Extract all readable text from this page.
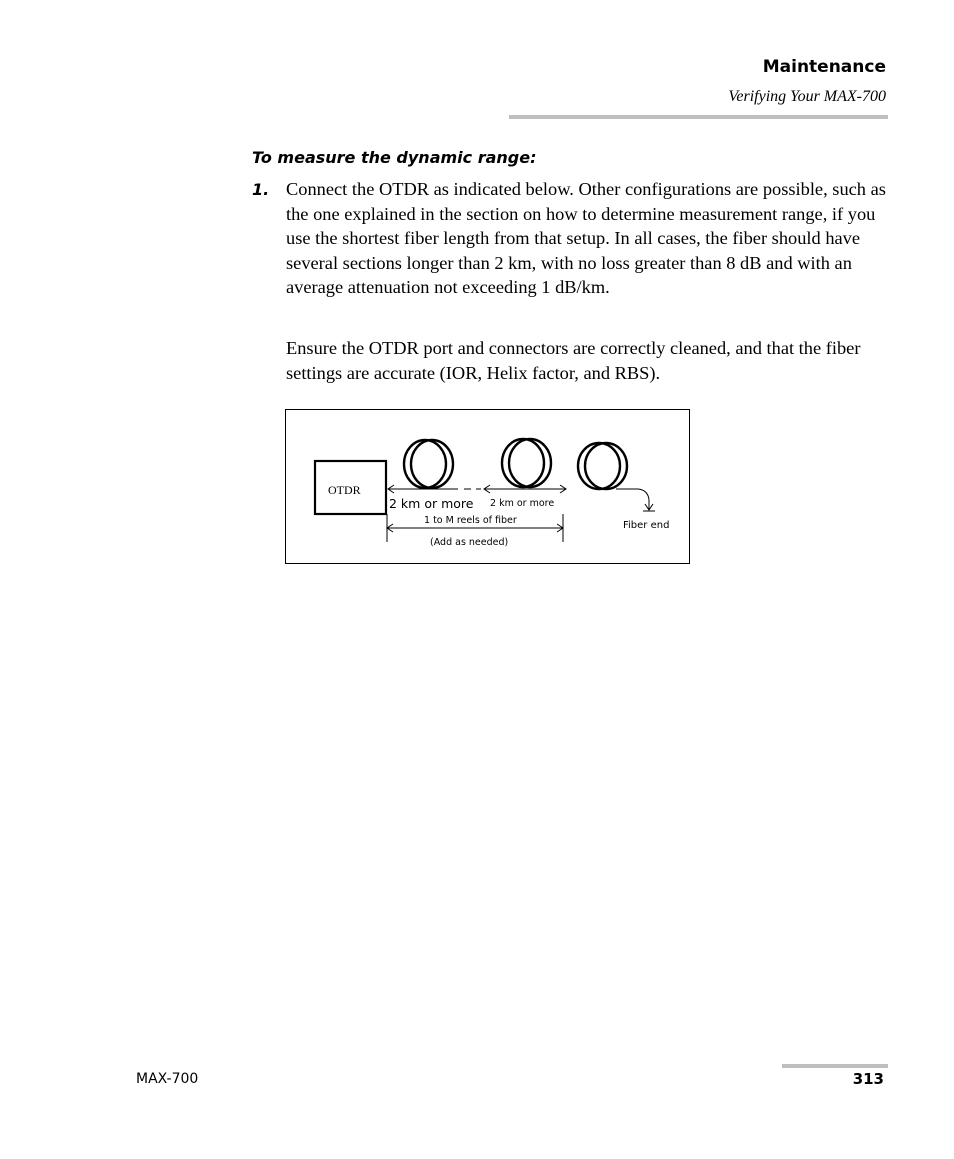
Maintenance
Verifying Your MAX-700
To measure the dynamic range:
1. Connect the OTDR as indicated below. Other configurations are possible, such as the one explained in the section on how to determine measurement range, if you use the shortest fiber length from that setup. In all cases, the fiber should have several sections longer than 2 km, with no loss greater than 8 dB and with an average attenuation not exceeding 1 dB/km.

Ensure the OTDR port and connectors are correctly cleaned, and that the fiber settings are accurate (IOR, Helix factor, and RBS).

OTDR
Fiber end
2 km or more 2 km or more
1 to M reels of fiber
(Add as needed)
MAX-700	313
